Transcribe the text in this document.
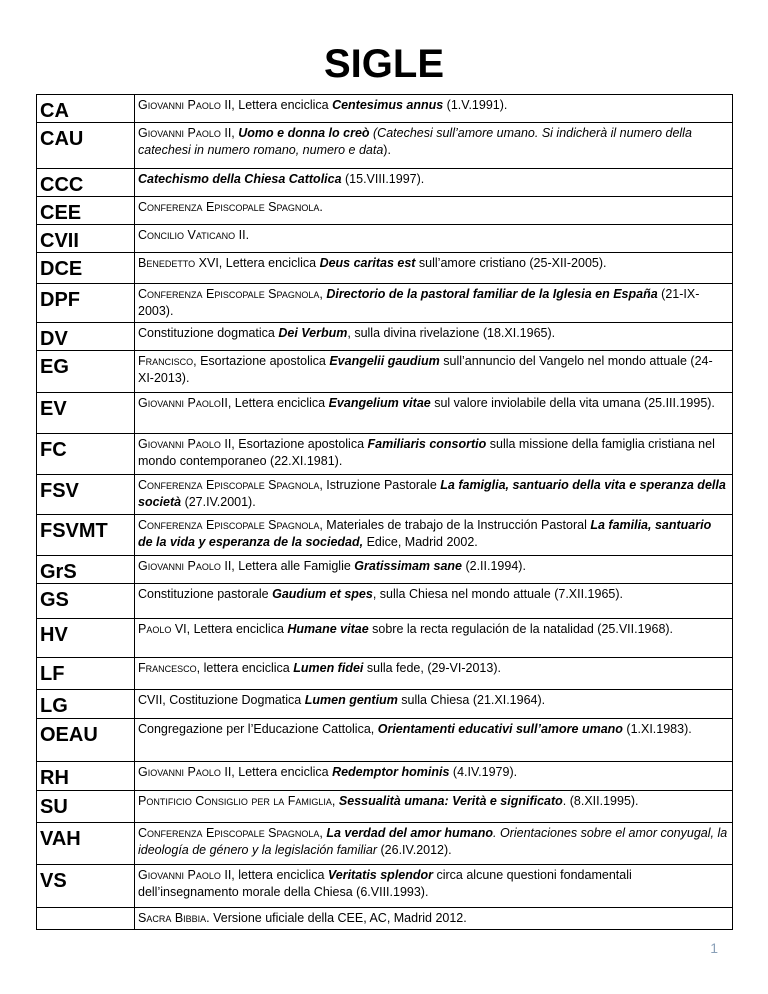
SIGLE
CA	Giovanni Paolo II, Lettera enciclica Centesimus annus (1.V.1991).
CAU	Giovanni Paolo II, Uomo e donna lo creò (Catechesi sull’amore umano. Si indicherà il numero della catechesi in numero romano, numero e data).
CCC	Catechismo della Chiesa Cattolica (15.VIII.1997).
CEE	Conferenza Episcopale Spagnola.
CVII	Concilio Vaticano II.
DCE	Benedetto XVI, Lettera enciclica Deus caritas est sull’amore cristiano (25-XII-2005).
DPF	Conferenza Episcopale Spagnola, Directorio de la pastoral familiar de la Iglesia en España (21-IX-2003).
DV	Constituzione dogmatica Dei Verbum, sulla divina rivelazione (18.XI.1965).
EG	Francisco, Esortazione apostolica Evangelii gaudium sull’annuncio del Vangelo nel mondo attuale (24-XI-2013).
EV	Giovanni PaoloII, Lettera enciclica Evangelium vitae sul valore inviolabile della vita umana (25.III.1995).
FC	Giovanni Paolo II, Esortazione apostolica Familiaris consortio sulla missione della famiglia cristiana nel mondo contemporaneo (22.XI.1981).
FSV	Conferenza Episcopale Spagnola, Istruzione Pastorale La famiglia, santuario della vita e speranza della società (27.IV.2001).
FSVMT	Conferenza Episcopale Spagnola, Materiales de trabajo de la Instrucción Pastoral La familia, santuario de la vida y esperanza de la sociedad, Edice, Madrid 2002.
GrS	Giovanni Paolo II, Lettera alle Famiglie Gratissimam sane (2.II.1994).
GS	Constituzione pastorale Gaudium et spes, sulla Chiesa nel mondo attuale (7.XII.1965).
HV	Paolo VI, Lettera enciclica Humane vitae sobre la recta regulación de la natalidad (25.VII.1968).
LF	Francesco, lettera enciclica Lumen fidei sulla fede, (29-VI-2013).
LG	CVII, Costituzione Dogmatica Lumen gentium sulla Chiesa (21.XI.1964).
OEAU	Congregazione per l’Educazione Cattolica, Orientamenti educativi sull’amore umano (1.XI.1983).
RH	Giovanni Paolo II, Lettera enciclica Redemptor hominis (4.IV.1979).
SU	Pontificio Consiglio per la Famiglia, Sessualità umana: Verità e significato. (8.XII.1995).
VAH	Conferenza Episcopale Spagnola, La verdad del amor humano. Orientaciones sobre el amor conyugal, la ideología de género y la legislación familiar (26.IV.2012).
VS	Giovanni Paolo II, lettera enciclica Veritatis splendor circa alcune questioni fondamentali dell’insegnamento morale della Chiesa (6.VIII.1993).
	Sacra Bibbia. Versione uficiale della CEE, AC, Madrid 2012.
1
